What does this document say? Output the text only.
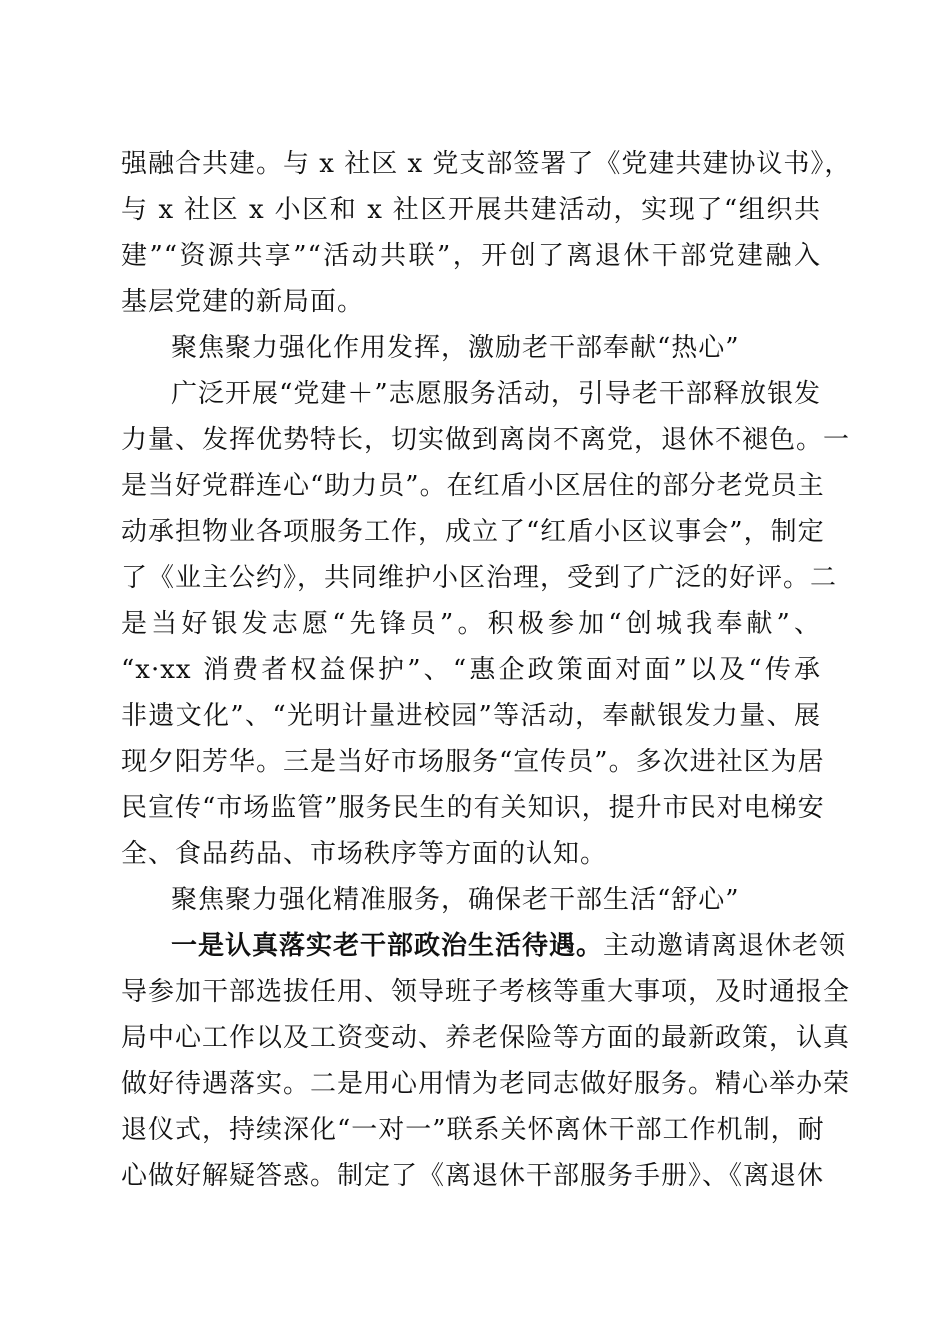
强融合共建。与 x 社区 x 党支部签署了《党建共建协议书》，
与 x 社区 x 小区和 x 社区开展共建活动，实现了“组织共
建”“资源共享”“活动共联”，开创了离退休干部党建融入
基层党建的新局面。
聚焦聚力强化作用发挥，激励老干部奉献“热心”
广泛开展“党建＋”志愿服务活动，引导老干部释放银发
力量、发挥优势特长，切实做到离岗不离党，退休不褪色。一
是当好党群连心“助力员”。在红盾小区居住的部分老党员主
动承担物业各项服务工作，成立了“红盾小区议事会”，制定
了《业主公约》，共同维护小区治理，受到了广泛的好评。二
是当好银发志愿“先锋员”。积极参加“创城我奉献”、
“x·xx 消费者权益保护”、“惠企政策面对面”以及“传承
非遗文化”、“光明计量进校园”等活动，奉献银发力量、展
现夕阳芳华。三是当好市场服务“宣传员”。多次进社区为居
民宣传“市场监管”服务民生的有关知识，提升市民对电梯安
全、食品药品、市场秩序等方面的认知。
聚焦聚力强化精准服务，确保老干部生活“舒心”
一是认真落实老干部政治生活待遇。 主动邀请离退休老领
导参加干部选拔任用、领导班子考核等重大事项，及时通报全
局中心工作以及工资变动、养老保险等方面的最新政策，认真
做好待遇落实。二是用心用情为老同志做好服务。精心举办荣
退仪式，持续深化“一对一”联系关怀离休干部工作机制，耐
心做好解疑答惑。制定了《离退休干部服务手册》、《离退休
